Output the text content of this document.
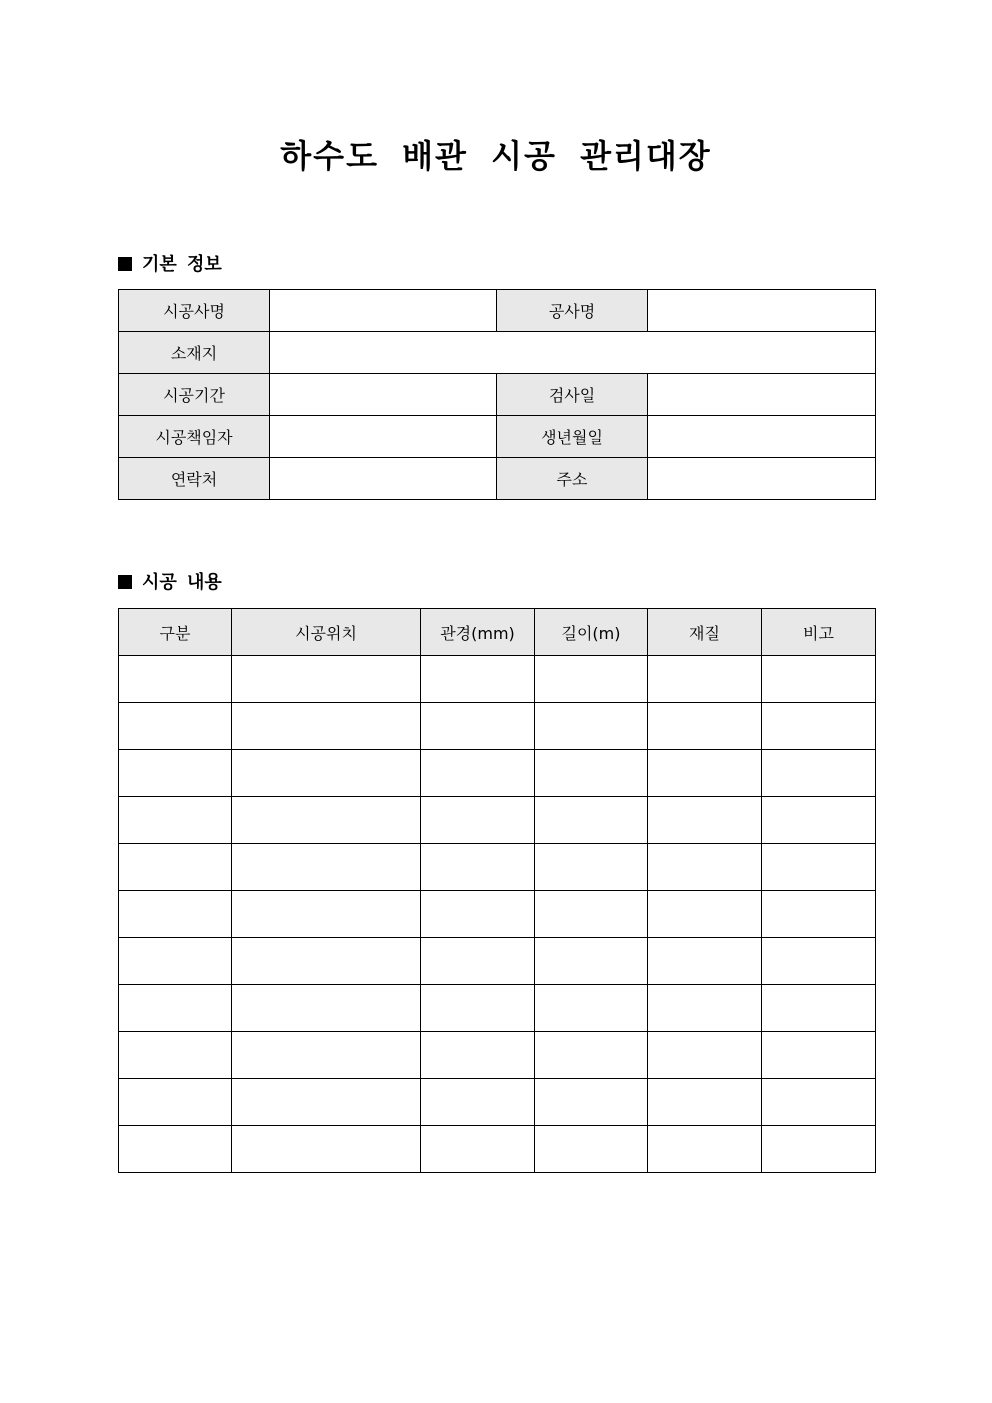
하수도 배관 시공 관리대장
기본 정보
시공사명		공사명	
소재지			
시공기간		검사일	
시공책임자		생년월일	
연락처		주소	
시공 내용
구분	시공위치	관경(mm)	길이(m)	재질	비고
